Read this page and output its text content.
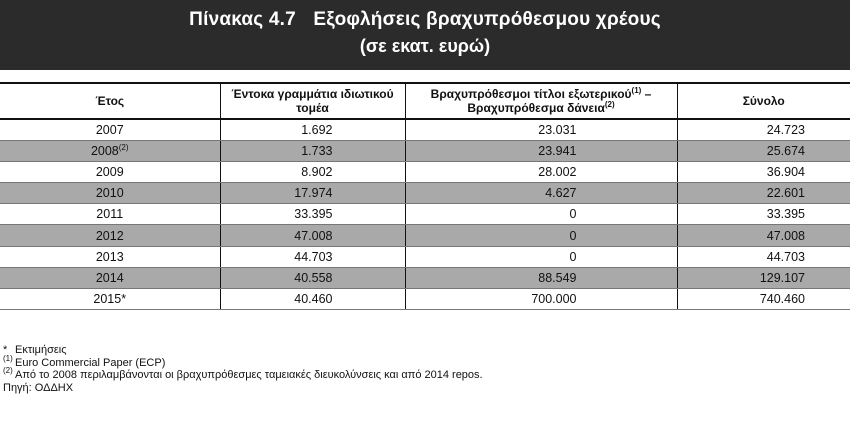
Πίνακας 4.7 Εξοφλήσεις βραχυπρόθεσμου χρέους
(σε εκατ. ευρώ)
Έτος	Έντοκα γραμμάτια ιδιωτικού τομέα	Βραχυπρόθεσμοι τίτλοι εξωτερικού$^{(1)}$ – Βραχυπρόθεσμα δάνεια$^{(2)}$	Σύνολο
2007	1.692	23.031	24.723
2008$^{(2)}$	1.733	23.941	25.674
2009	8.902	28.002	36.904
2010	17.974	4.627	22.601
2011	33.395	0	33.395
2012	47.008	0	47.008
2013	44.703	0	44.703
2014	40.558	88.549	129.107
2015*	40.460	700.000	740.460
* Εκτιμήσεις
$^{(1)}$ Euro Commercial Paper (ECP)
$^{(2)}$ Από το 2008 περιλαμβάνονται οι βραχυπρόθεσμες ταμειακές διευκολύνσεις και από 2014 repos.
Πηγή: ΟΔΔΗΧ
